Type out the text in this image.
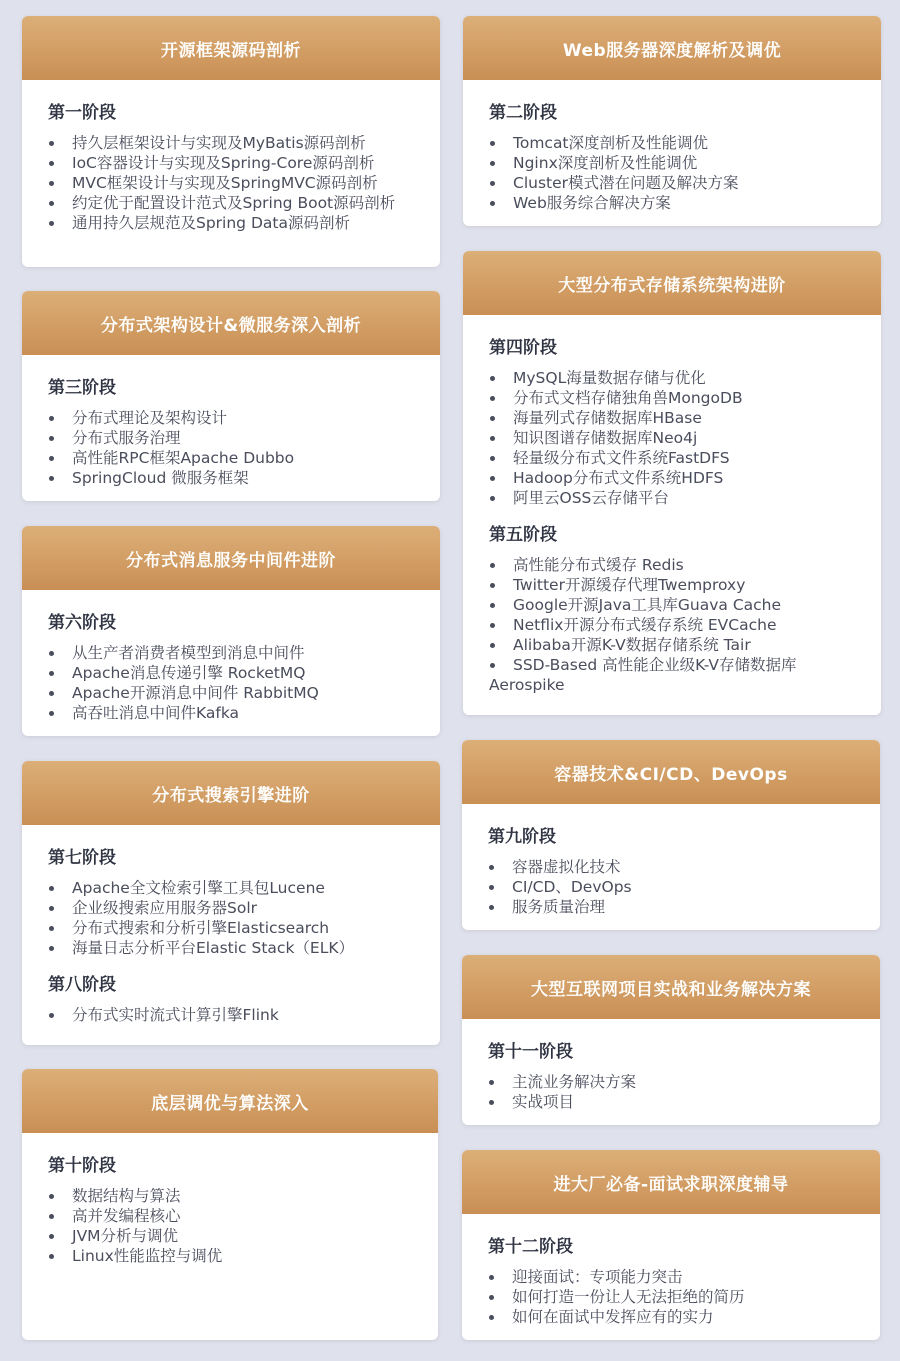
开源框架源码剖析
第一阶段
持久层框架设计与实现及MyBatis源码剖析
IoC容器设计与实现及Spring-Core源码剖析
MVC框架设计与实现及SpringMVC源码剖析
约定优于配置设计范式及Spring Boot源码剖析
通用持久层规范及Spring Data源码剖析
分布式架构设计&微服务深入剖析
第三阶段
分布式理论及架构设计
分布式服务治理
高性能RPC框架Apache Dubbo
SpringCloud 微服务框架
分布式消息服务中间件进阶
第六阶段
从生产者消费者模型到消息中间件
Apache消息传递引擎 RocketMQ
Apache开源消息中间件 RabbitMQ
高吞吐消息中间件Kafka
分布式搜索引擎进阶
第七阶段
Apache全文检索引擎工具包Lucene
企业级搜索应用服务器Solr
分布式搜索和分析引擎Elasticsearch
海量日志分析平台Elastic Stack（ELK）
第八阶段
分布式实时流式计算引擎Flink
底层调优与算法深入
第十阶段
数据结构与算法
高并发编程核心
JVM分析与调优
Linux性能监控与调优
Web服务器深度解析及调优
第二阶段
Tomcat深度剖析及性能调优
Nginx深度剖析及性能调优
Cluster模式潜在问题及解决方案
Web服务综合解决方案
大型分布式存储系统架构进阶
第四阶段
MySQL海量数据存储与优化
分布式文档存储独角兽MongoDB
海量列式存储数据库HBase
知识图谱存储数据库Neo4j
轻量级分布式文件系统FastDFS
Hadoop分布式文件系统HDFS
阿里云OSS云存储平台
第五阶段
高性能分布式缓存 Redis
Twitter开源缓存代理Twemproxy
Google开源Java工具库Guava Cache
Netflix开源分布式缓存系统 EVCache
Alibaba开源K-V数据存储系统 Tair
SSD-Based 高性能企业级K-V存储数据库 Aerospike
容器技术&CI/CD、DevOps
第九阶段
容器虚拟化技术
CI/CD、DevOps
服务质量治理
大型互联网项目实战和业务解决方案
第十一阶段
主流业务解决方案
实战项目
进大厂必备-面试求职深度辅导
第十二阶段
迎接面试：专项能力突击
如何打造一份让人无法拒绝的简历
如何在面试中发挥应有的实力
